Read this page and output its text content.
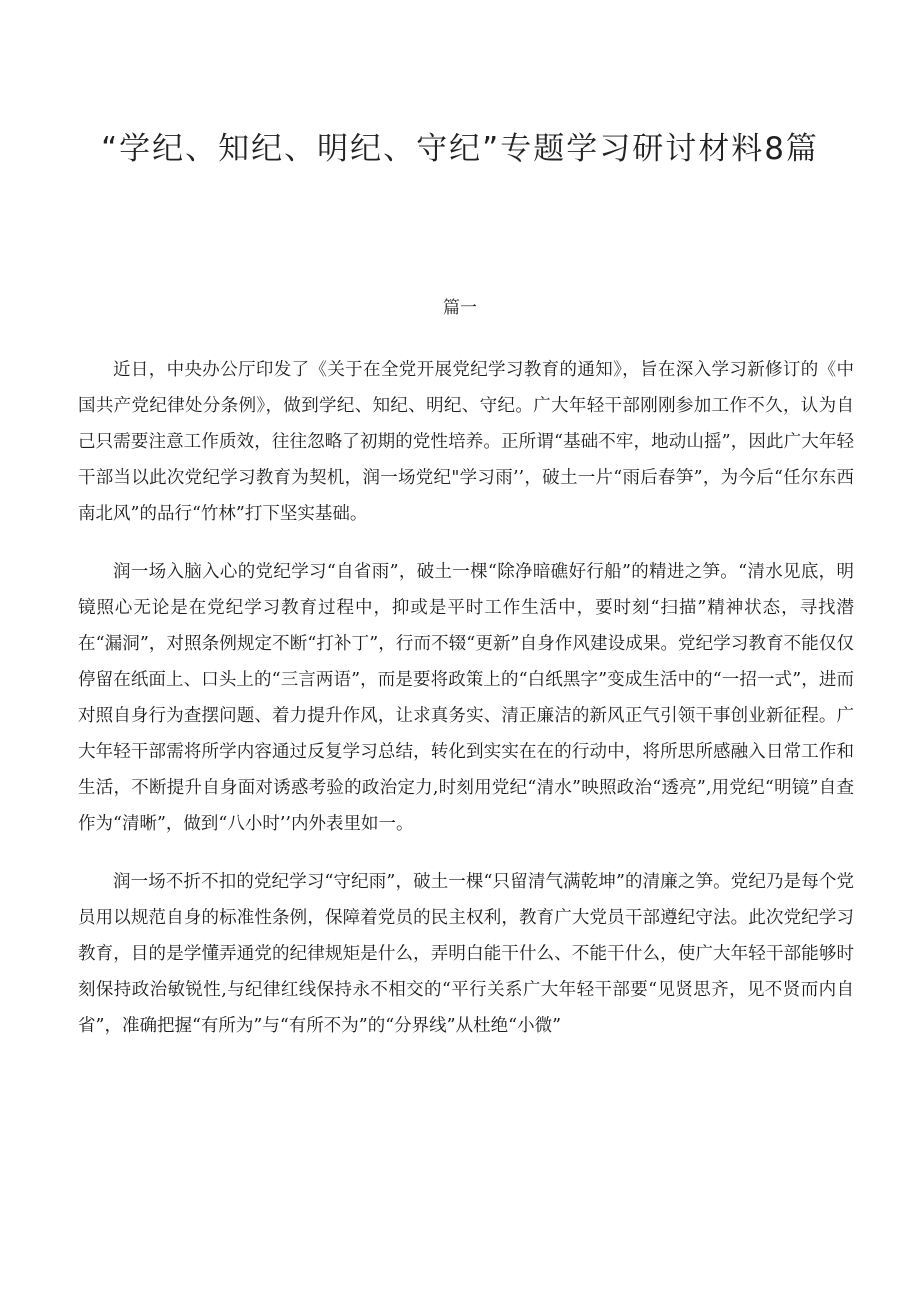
“学纪、知纪、明纪、守纪”专题学习研讨材料8篇
篇一

近日，中央办公厅印发了《关于在全党开展党纪学习教育的通知》，旨在深入学习新修订的《中国共产党纪律处分条例》，做到学纪、知纪、明纪、守纪。广大年轻干部刚刚参加工作不久，认为自己只需要注意工作质效，往往忽略了初期的党性培养。正所谓“基础不牢，地动山摇”，因此广大年轻干部当以此次党纪学习教育为契机，润一场党纪"学习雨’’，破土一片“雨后春笋”，为今后“任尔东西南北风”的品行“竹林”打下坚实基础。

润一场入脑入心的党纪学习“自省雨”，破土一棵“除净暗礁好行船”的精进之笋。“清水见底，明镜照心无论是在党纪学习教育过程中，抑或是平时工作生活中，要时刻“扫描”精神状态，寻找潜在“漏洞”，对照条例规定不断“打补丁”，行而不辍“更新”自身作风建设成果。党纪学习教育不能仅仅停留在纸面上、口头上的“三言两语”，而是要将政策上的“白纸黑字”变成生活中的“一招一式”，进而对照自身行为查摆问题、着力提升作风，让求真务实、清正廉洁的新风正气引领干事创业新征程。广大年轻干部需将所学内容通过反复学习总结，转化到实实在在的行动中，将所思所感融入日常工作和生活，不断提升自身面对诱惑考验的政治定力,时刻用党纪“清水”映照政治“透亮”,用党纪“明镜”自查作为“清晰”，做到“八小时’’内外表里如一。

润一场不折不扣的党纪学习“守纪雨”，破土一棵“只留清气满乾坤”的清廉之笋。党纪乃是每个党员用以规范自身的标准性条例，保障着党员的民主权利，教育广大党员干部遵纪守法。此次党纪学习教育，目的是学懂弄通党的纪律规矩是什么，弄明白能干什么、不能干什么，使广大年轻干部能够时刻保持政治敏锐性,与纪律红线保持永不相交的“平行关系广大年轻干部要“见贤思齐，见不贤而内自省”，准确把握“有所为”与“有所不为”的“分界线”从杜绝“小微”
